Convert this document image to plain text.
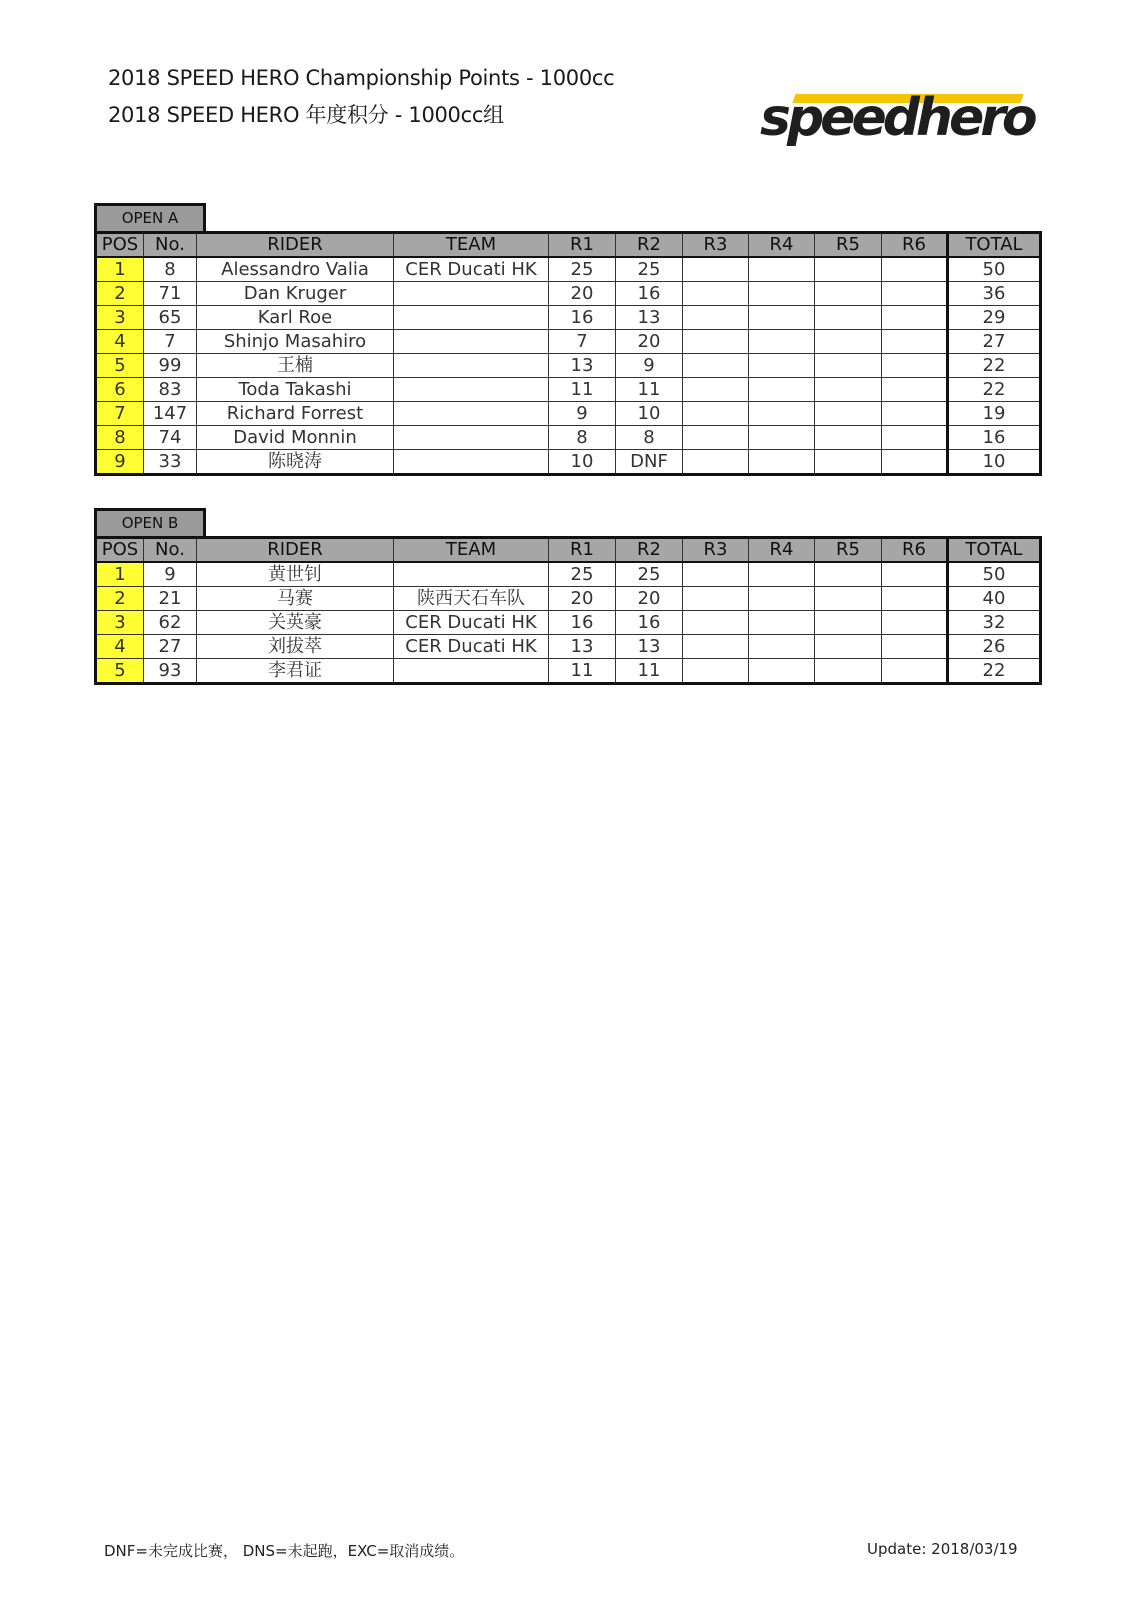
2018 SPEED HERO Championship Points - 1000cc
2018 SPEED HERO 年度积分 - 1000cc组	speedhero
OPEN A
POS	No.	RIDER	TEAM	R1	R2	R3	R4	R5	R6	TOTAL
1	8	Alessandro Valia	CER Ducati HK	25	25					50
2	71	Dan Kruger		20	16					36
3	65	Karl Roe		16	13					29
4	7	Shinjo Masahiro		7	20					27
5	99	王楠		13	9					22
6	83	Toda Takashi		11	11					22
7	147	Richard Forrest		9	10					19
8	74	David Monnin		8	8					16
9	33	陈晓涛		10	DNF					10
OPEN B
POS	No.	RIDER	TEAM	R1	R2	R3	R4	R5	R6	TOTAL
1	9	黄世钊		25	25					50
2	21	马赛	陕西天石车队	20	20					40
3	62	关英豪	CER Ducati HK	16	16					32
4	27	刘拔萃	CER Ducati HK	13	13					26
5	93	李君证		11	11					22
DNF=未完成比赛， DNS=未起跑，EXC=取消成绩。	Update: 2018/03/19
